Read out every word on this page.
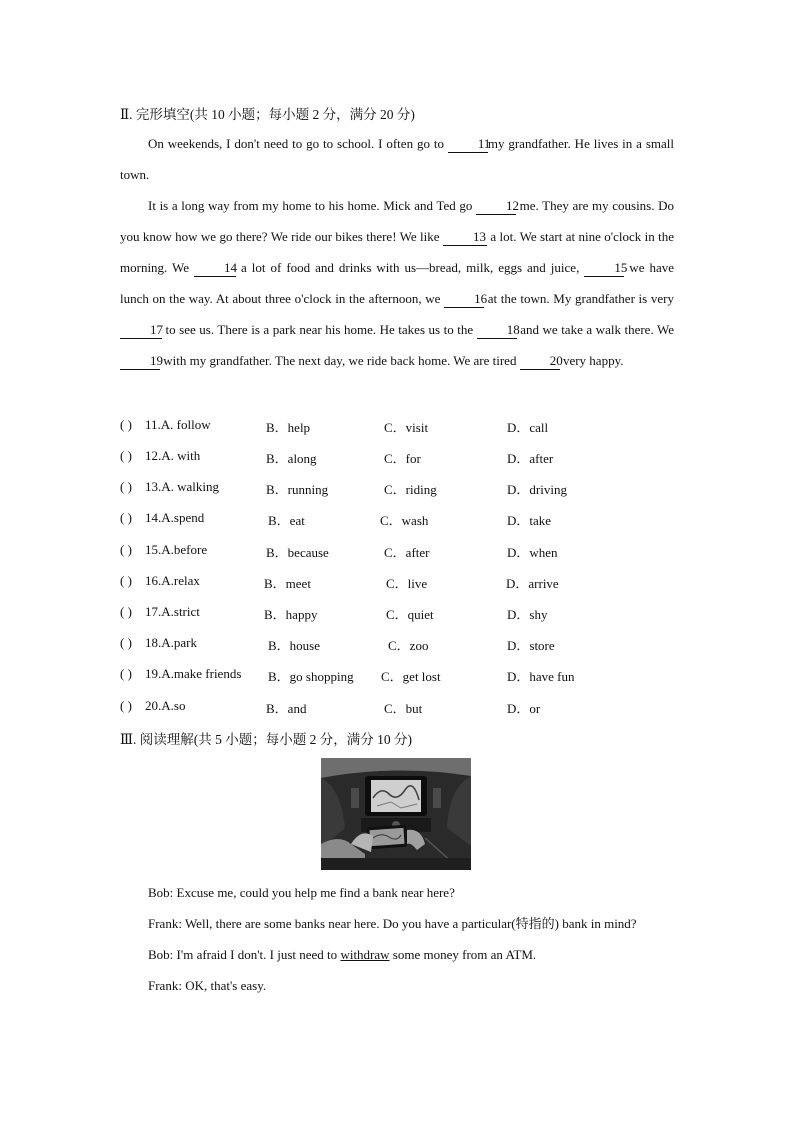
Ⅱ. 完形填空(共 10 小题；每小题 2 分，满分 20 分)

On weekends, I don't need to go to school. I often go to 11my grandfather. He lives in a small town.

It is a long way from my home to his home. Mick and Ted go 12 me. They are my cousins. Do you know how we go there? We ride our bikes there! We like 13 a lot. We start at nine o'clock in the morning. We 14 a lot of food and drinks with us—bread, milk, eggs and juice, 15 we have lunch on the way. At about three o'clock in the afternoon, we 16 at the town. My grandfather is very 17 to see us. There is a park near his home. He takes us to the 18 and we take a walk there. We 19 with my grandfather. The next day, we ride back home. We are tired 20 very happy.

( ) 11.A. follow	B．help	C．visit	D．call
( ) 12.A. with	B．along	C．for	D．after
( ) 13.A. walking	B．running	C．riding	D．driving
( ) 14.A.spend	B．eat	C．wash	D．take
( ) 15.A.before	B．because	C．after	D．when
( ) 16.A.relax	B．meet	C．live	D．arrive
( ) 17.A.strict	B．happy	C．quiet	D．shy
( ) 18.A.park	B．house	C．zoo	D．store
( ) 19.A.make friends B．go shopping C．get lost	D．have fun
( ) 20.A.so	B．and	C．but	D．or
Ⅲ. 阅读理解(共 5 小题；每小题 2 分，满分 10 分)

Bob: Excuse me, could you help me find a bank near here?

Frank: Well, there are some banks near here. Do you have a particular(特指的) bank in mind?

Bob: I'm afraid I don't. I just need to withdraw some money from an ATM.

Frank: OK, that's easy.
